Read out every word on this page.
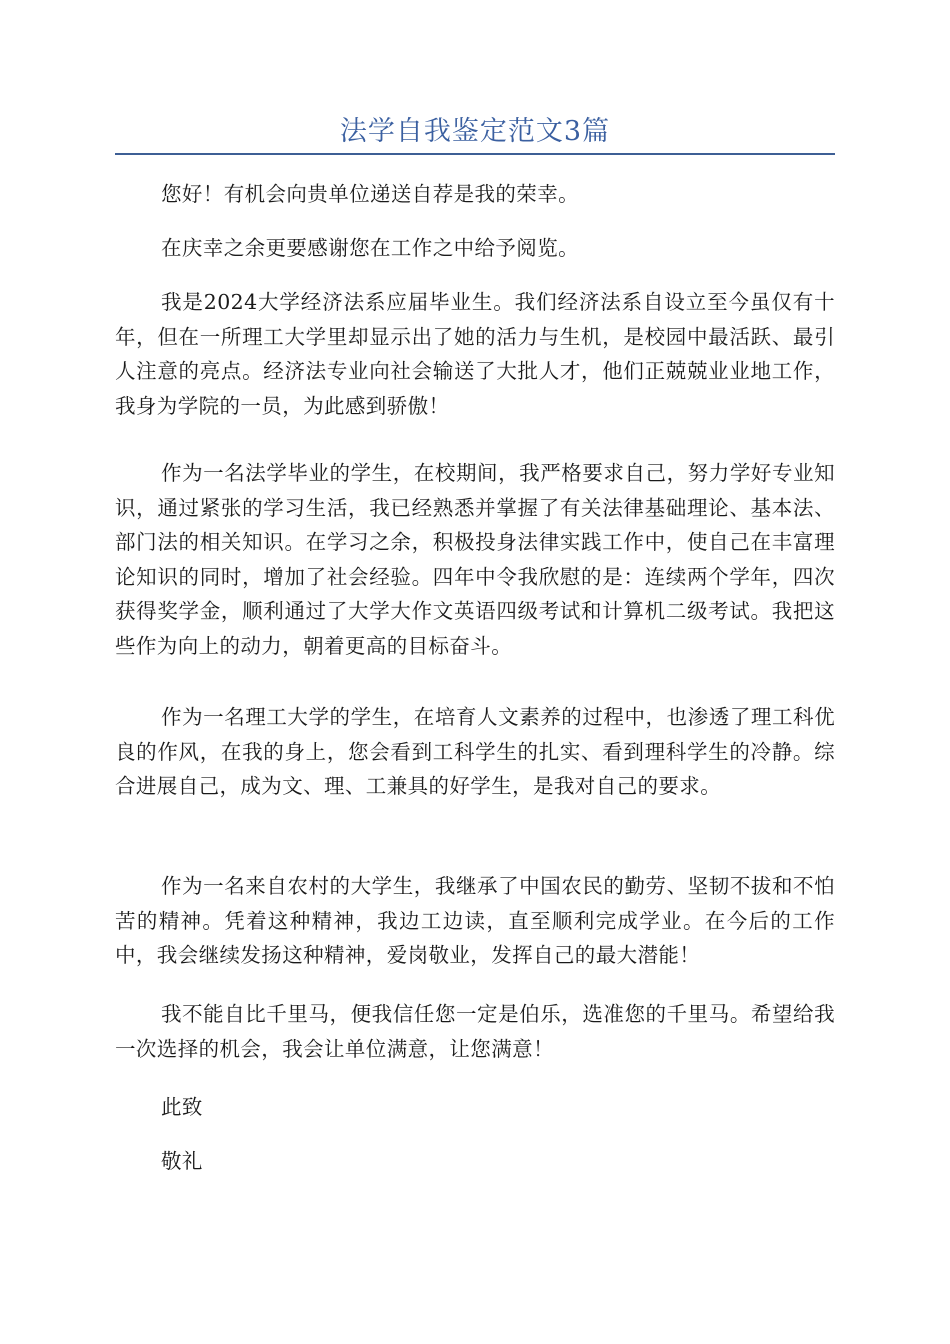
法学自我鉴定范文3篇

您好！有机会向贵单位递送自荐是我的荣幸。

在庆幸之余更要感谢您在工作之中给予阅览。

我是2024大学经济法系应届毕业生。我们经济法系自设立至今虽仅有十年，但在一所理工大学里却显示出了她的活力与生机，是校园中最活跃、最引人注意的亮点。经济法专业向社会输送了大批人才，他们正兢兢业业地工作，我身为学院的一员，为此感到骄傲！

作为一名法学毕业的学生，在校期间，我严格要求自己，努力学好专业知识，通过紧张的学习生活，我已经熟悉并掌握了有关法律基础理论、基本法、部门法的相关知识。在学习之余，积极投身法律实践工作中，使自己在丰富理论知识的同时，增加了社会经验。四年中令我欣慰的是：连续两个学年，四次获得奖学金，顺利通过了大学大作文英语四级考试和计算机二级考试。我把这些作为向上的动力，朝着更高的目标奋斗。

作为一名理工大学的学生，在培育人文素养的过程中，也渗透了理工科优良的作风，在我的身上，您会看到工科学生的扎实、看到理科学生的冷静。综合进展自己，成为文、理、工兼具的好学生，是我对自己的要求。

作为一名来自农村的大学生，我继承了中国农民的勤劳、坚韧不拔和不怕苦的精神。凭着这种精神，我边工边读，直至顺利完成学业。在今后的工作中，我会继续发扬这种精神，爱岗敬业，发挥自己的最大潜能！

我不能自比千里马，便我信任您一定是伯乐，选准您的千里马。希望给我一次选择的机会，我会让单位满意，让您满意！

此致

敬礼
